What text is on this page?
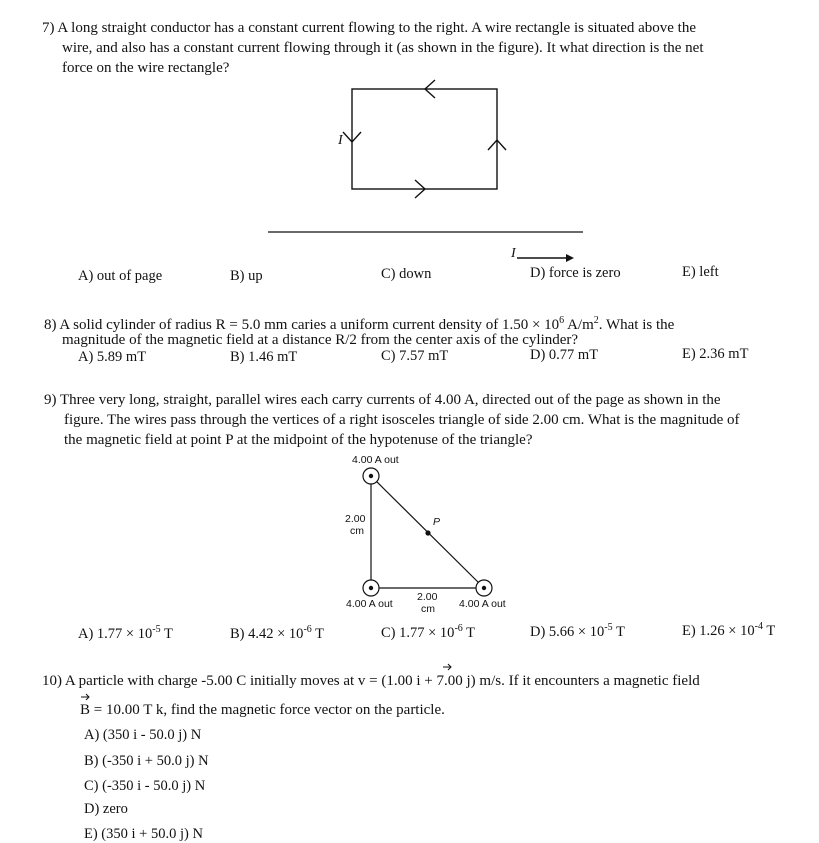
7) A long straight conductor has a constant current flowing to the right. A wire rectangle is situated above the
wire, and also has a constant current flowing through it (as shown in the figure). It what direction is the net
force on the wire rectangle?
I
I
A) out of page	B) up	C) down	D) force is zero	E) left
8) A solid cylinder of radius R = 5.0 mm caries a uniform current density of $1.50 \times 10^6$ $A/m^2$. What is the
magnitude of the magnetic field at a distance R/2 from the center axis of the cylinder?
A) 5.89 mT	B) 1.46 mT	C) 7.57 mT	D) 0.77 mT	E) 2.36 mT
9) Three very long, straight, parallel wires each carry currents of 4.00 A, directed out of the page as shown in the
figure. The wires pass through the vertices of a right isosceles triangle of side 2.00 cm. What is the magnitude of
the magnetic field at point P at the midpoint of the hypotenuse of the triangle?
4.00 A out
2.00
cm
P
4.00 A out
2.00
cm 4.00 A out
A) $1.77 \times 10^{-5}$ T	B) $4.42 \times 10^{-6}$ T	C) $1.77 \times 10^{-6}$ T	D) $5.66 \times 10^{-5}$ T	E) $1.26 \times 10^{-4}$ T
10) A particle with charge -5.00 C initially moves at v = (1.00 i + 7.00 j) m/s. If it encounters a magnetic field
B = 10.00 T k, find the magnetic force vector on the particle.
A) (350 i - 50.0 j) N
B) (-350 i + 50.0 j) N
C) (-350 i - 50.0 j) N
D) zero
E) (350 i + 50.0 j) N
